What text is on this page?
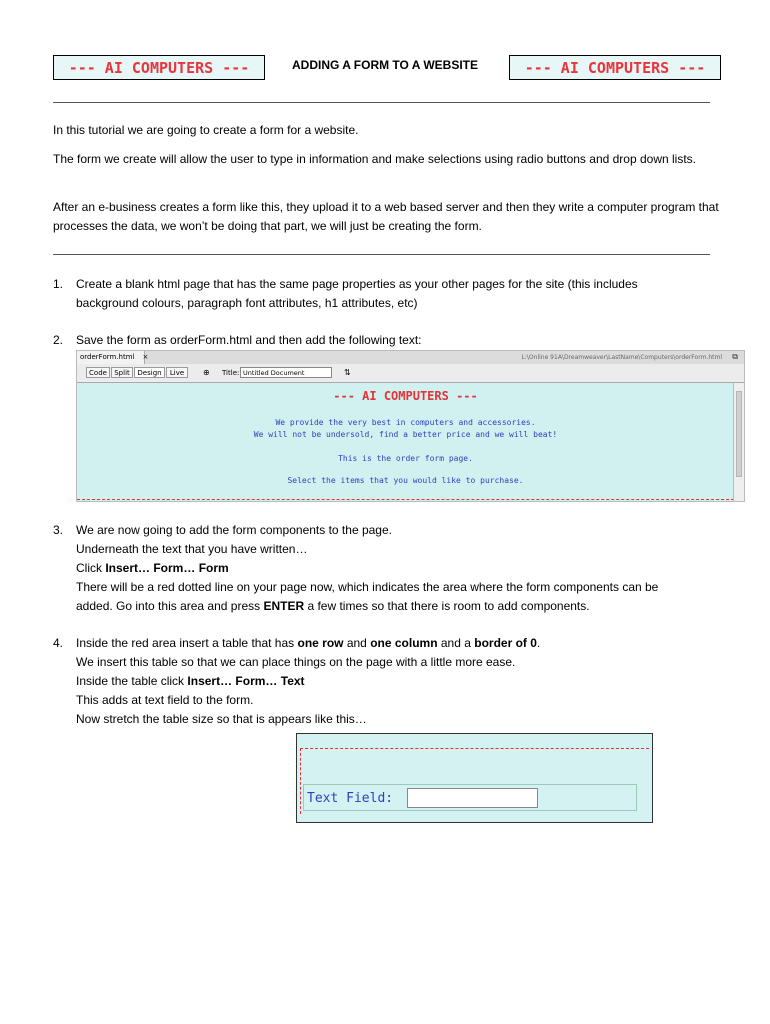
--- AI COMPUTERS ---	ADDING A FORM TO A WEBSITE	--- AI COMPUTERS ---
In this tutorial we are going to create a form for a website.
The form we create will allow the user to type in information and make selections using radio buttons and drop down lists.
After an e-business creates a form like this, they upload it to a web based server and then they write a computer program that processes the data, we won’t be doing that part, we will just be creating the form.
1. Create a blank html page that has the same page properties as your other pages for the site (this includes
background colours, paragraph font attributes, h1 attributes, etc)
2. Save the form as orderForm.html and then add the following text:
orderForm.html ×	L:\Online 91A\Dreamweaver\LastName\Computers\orderForm.html ⧉
Code	Split	Design	Live	⊕ Title: Untitled Document	⇅
--- AI COMPUTERS ---
We provide the very best in computers and accessories.
We will not be undersold, find a better price and we will beat!
This is the order form page.
Select the items that you would like to purchase.
3. We are now going to add the form components to the page.
Underneath the text that you have written…
Click Insert… Form… Form
There will be a red dotted line on your page now, which indicates the area where the form components can be
added. Go into this area and press ENTER a few times so that there is room to add components.
4. Inside the red area insert a table that has one row and one column and a border of 0.
We insert this table so that we can place things on the page with a little more ease.
Inside the table click Insert… Form… Text
This adds at text field to the form.
Now stretch the table size so that is appears like this…
Text Field:
